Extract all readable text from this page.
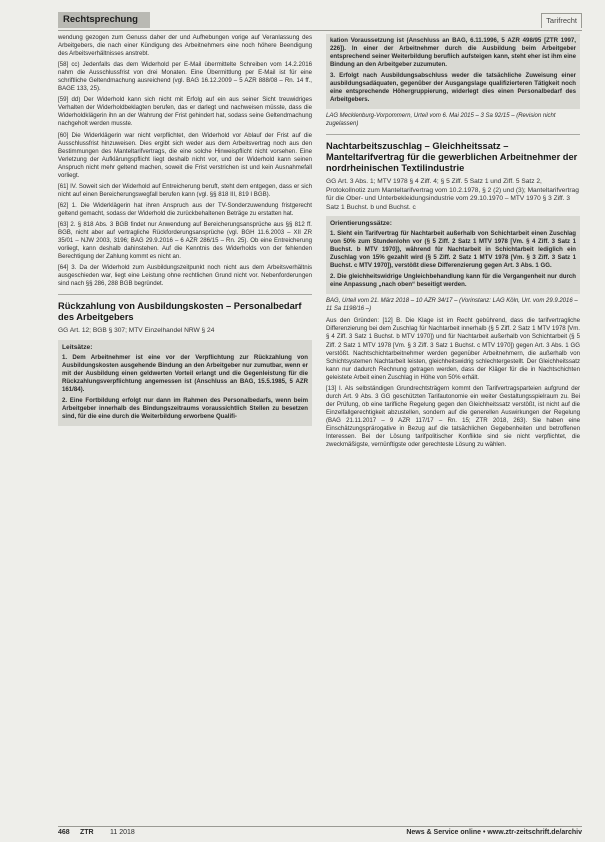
Rechtsprechung	Tarifrecht

wendung gezogen zum Genuss daher der und Aufhebungen vorige auf Veranlassung des Arbeitgebers, die nach einer Kündigung des Arbeitnehmers eine noch höhere Beendigung des Arbeitsverhältnisses anstrebt.

[58] cc) Jedenfalls das dem Widerhold per E-Mail übermittelte Schreiben vom 14.2.2016 nahm die Ausschlussfrist von drei Monaten. Eine Übermittlung per E-Mail ist für eine schriftliche Geltendmachung ausreichend (vgl. BAG 16.12.2009 – 5 AZR 888/08 – Rn. 14 ff., BAGE 133, 25).

[59] dd) Der Widerhold kann sich nicht mit Erfolg auf ein aus seiner Sicht treuwidriges Verhalten der Widerholdbeklagten berufen, das er darlegt und nachweisen müsste, dass die Widerholdklägerin ihn an der Wahrung der Frist gehindert hat, sodass seine Geltendmachung nachgeholt werden musste.

[60] Die Widerklägerin war nicht verpflichtet, den Widerhold vor Ablauf der Frist auf die Ausschlussfrist hinzuweisen. Dies ergibt sich weder aus dem Arbeitsvertrag noch aus den Bestimmungen des Manteltarifvertrags, die eine solche Hinweispflicht nicht vorsehen. Eine Verletzung der Aufklärungspflicht liegt deshalb nicht vor, und der Widerhold kann seinen Anspruch nicht mehr geltend machen, soweit die Frist verstrichen ist und kein Ausnahmefall vorliegt.

[61] IV. Soweit sich der Widerhold auf Entreicherung beruft, steht dem entgegen, dass er sich nicht auf einen Bereicherungswegfall berufen kann (vgl. §§ 818 III, 819 I BGB).

[62] 1. Die Widerklägerin hat ihren Anspruch aus der TV-Sonderzuwendung fristgerecht geltend gemacht, sodass der Widerhold die zurückbehaltenen Beträge zu erstatten hat.

[63] 2. § 818 Abs. 3 BGB findet nur Anwendung auf Bereicherungsansprüche aus §§ 812 ff. BGB, nicht aber auf vertragliche Rückforderungsansprüche (vgl. BGH 11.6.2003 – XII ZR 35/01 – NJW 2003, 3196; BAG 29.9.2016 – 6 AZR 286/15 – Rn. 25). Ob eine Entreicherung vorliegt, kann deshalb dahinstehen. Auf die Kenntnis des Widerholds von der fehlenden Berechtigung der Zahlung kommt es nicht an.

[64] 3. Da der Widerhold zum Ausbildungszeitpunkt noch nicht aus dem Arbeitsverhältnis ausgeschieden war, liegt eine Leistung ohne rechtlichen Grund nicht vor. Nebenforderungen sind nach §§ 286, 288 BGB begründet.

Rückzahlung von Ausbildungskosten – Personalbedarf des Arbeitgebers
GG Art. 12; BGB § 307; MTV Einzelhandel NRW § 24
Leitsätze:
1. Dem Arbeitnehmer ist eine vor der Verpflichtung zur Rückzahlung von Ausbildungskosten ausgehende Bindung an den Arbeitgeber nur zumutbar, wenn er mit der Ausbildung einen geldwerten Vorteil erlangt und die Gegenleistung für die Rückzahlungsverpflichtung angemessen ist (Anschluss an BAG, 15.5.1985, 5 AZR 161/84).
2. Eine Fortbildung erfolgt nur dann im Rahmen des Personalbedarfs, wenn beim Arbeitgeber innerhalb des Bindungszeitraums voraussichtlich Stellen zu besetzen sind, für die eine durch die Weiterbildung erworbene Qualifi-
kation Voraussetzung ist (Anschluss an BAG, 6.11.1996, 5 AZR 498/95 [ZTR 1997, 226]). In einer der Arbeitnehmer durch die Ausbildung beim Arbeitgeber entsprechend seiner Weiterbildung beruflich aufsteigen kann, steht eher ist ihm eine Bindung an den Arbeitgeber zuzumuten.
3. Erfolgt nach Ausbildungsabschluss weder die tatsächliche Zuweisung einer ausbildungsadäquaten, gegenüber der Ausgangslage qualifizierteren Tätigkeit noch eine entsprechende Höhergruppierung, widerlegt dies einen Personalbedarf des Arbeitgebers.
LAG Mecklenburg-Vorpommern, Urteil vom 6. Mai 2015 – 3 Sa 92/15 – (Revision nicht zugelassen)
Nachtarbeitszuschlag – Gleichheitssatz – Manteltarifvertrag für die gewerblichen Arbeitnehmer der nordrheinischen Textilindustrie
GG Art. 3 Abs. 1; MTV 1978 § 4 Ziff. 4; § 5 Ziff. 5 Satz 1 und Ziff. 5 Satz 2, Protokollnotiz zum Manteltarifvertrag vom 10.2.1978, § 2 (2) und (3); Manteltarifvertrag für die Ober- und Unterbekleidungsindustrie vom 29.10.1970 – MTV 1970 § 3 Ziff. 3 Satz 1 Buchst. b und Buchst. c
Orientierungssätze:
1. Sieht ein Tarifvertrag für Nachtarbeit außerhalb von Schichtarbeit einen Zuschlag von 50% zum Stundenlohn vor (§ 5 Ziff. 2 Satz 1 MTV 1978 [Vm. § 4 Ziff. 3 Satz 1 Buchst. b MTV 1970]), während für Nachtarbeit in Schichtarbeit lediglich ein Zuschlag von 15% gezahlt wird (§ 5 Ziff. 2 Satz 1 MTV 1978 [Vm. § 3 Ziff. 3 Satz 1 Buchst. c MTV 1970]), verstößt diese Differenzierung gegen Art. 3 Abs. 1 GG.
2. Die gleichheitswidrige Ungleichbehandlung kann für die Vergangenheit nur durch eine Anpassung „nach oben“ beseitigt werden.
BAG, Urteil vom 21. März 2018 – 10 AZR 34/17 – (Vorinstanz: LAG Köln, Urt. vom 29.9.2016 – 11 Sa 1198/16 –)

Aus den Gründen: [12] B. Die Klage ist im Recht gebührend, dass die tarifvertragliche Differenzierung bei dem Zuschlag für Nachtarbeit innerhalb (§ 5 Ziff. 2 Satz 1 MTV 1978 [Vm. § 4 Ziff. 3 Satz 1 Buchst. b MTV 1970]) und für Nachtarbeit außerhalb von Schichtarbeit (§ 5 Ziff. 2 Satz 1 MTV 1978 [Vm. § 3 Ziff. 3 Satz 1 Buchst. c MTV 1970]) gegen Art. 3 Abs. 1 GG verstößt. Nachtschichtarbeitnehmer werden gegenüber Arbeitnehmern, die außerhalb von Schichtsystemen Nachtarbeit leisten, gleichheitswidrig schlechtergestellt. Der Gleichheitssatz kann nur dadurch Rechnung getragen werden, dass der Kläger für die in Nachtschichten geleistete Arbeit einen Zuschlag in Höhe von 50% erhält.

[13] I. Als selbständigen Grundrechtsträgern kommt den Tarifvertragsparteien aufgrund der durch Art. 9 Abs. 3 GG geschützten Tarifautonomie ein weiter Gestaltungsspielraum zu. Bei der Prüfung, ob eine tarifliche Regelung gegen den Gleichheitssatz verstößt, ist nicht auf die Einzelfallgerechtigkeit abzustellen, sondern auf die generellen Auswirkungen der Regelung (BAG 21.11.2017 – 9 AZR 117/17 – Rn. 15; ZTR 2018, 263). Sie haben eine Einschätzungsprärogative in Bezug auf die tatsächlichen Gegebenheiten und betroffenen Interessen. Bei der Lösung tarifpolitischer Konflikte sind sie nicht verpflichtet, die zweckmäßigste, vernünftigste oder gerechteste Lösung zu wählen.

468 ZTR 11 2018	News & Service online • www.ztr-zeitschrift.de/archiv
